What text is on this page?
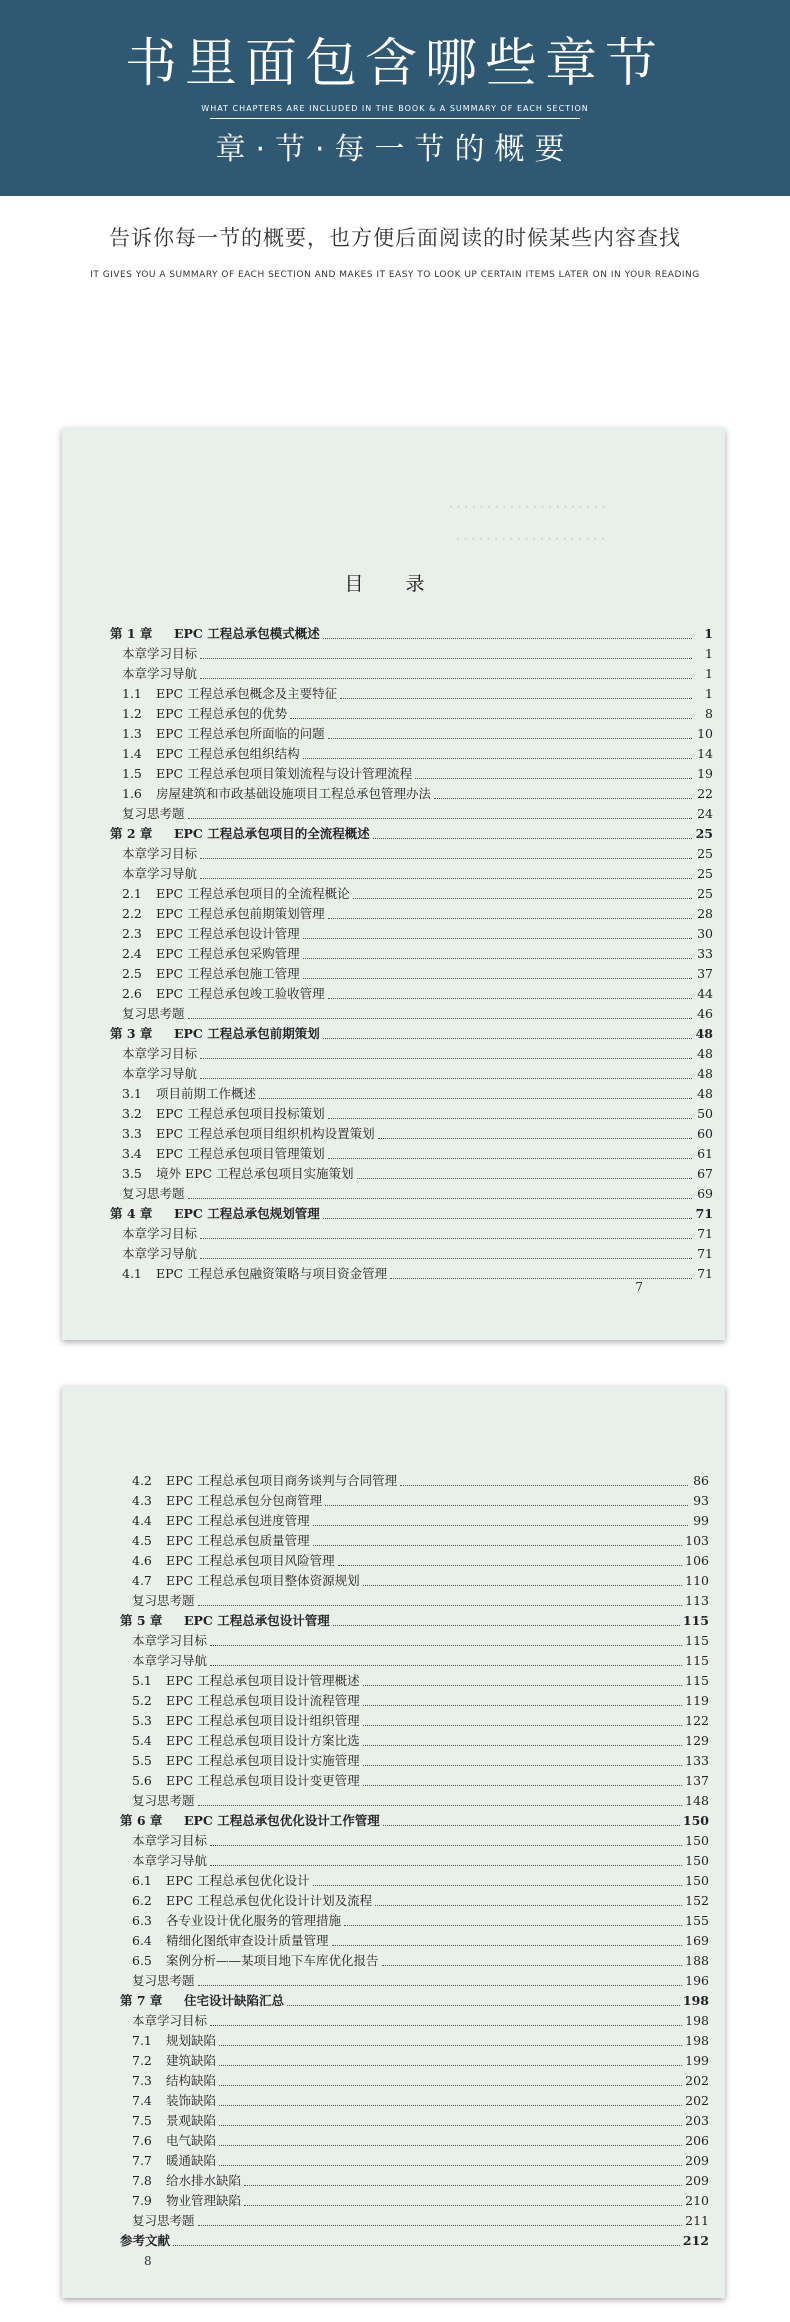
书里面包含哪些章节
WHAT CHAPTERS ARE INCLUDED IN THE BOOK & A SUMMARY OF EACH SECTION
章·节·每一节的概要
告诉你每一节的概要，也方便后面阅读的时候某些内容查找
IT GIVES YOU A SUMMARY OF EACH SECTION AND MAKES IT EASY TO LOOK UP CERTAIN ITEMS LATER ON IN YOUR READING
· · · · · · · · · · · · · · · · · · · · ·
· · · · · · · · · · · · · · · · · · · ·
目 录
第 1 章	EPC 工程总承包模式概述	1
本章学习目标	1
本章学习导航	1
1.1	EPC 工程总承包概念及主要特征	1
1.2	EPC 工程总承包的优势	8
1.3	EPC 工程总承包所面临的问题	10
1.4	EPC 工程总承包组织结构	14
1.5	EPC 工程总承包项目策划流程与设计管理流程	19
1.6	房屋建筑和市政基础设施项目工程总承包管理办法	22
复习思考题	24
第 2 章	EPC 工程总承包项目的全流程概述	25
本章学习目标	25
本章学习导航	25
2.1	EPC 工程总承包项目的全流程概论	25
2.2	EPC 工程总承包前期策划管理	28
2.3	EPC 工程总承包设计管理	30
2.4	EPC 工程总承包采购管理	33
2.5	EPC 工程总承包施工管理	37
2.6	EPC 工程总承包竣工验收管理	44
复习思考题	46
第 3 章	EPC 工程总承包前期策划	48
本章学习目标	48
本章学习导航	48
3.1	项目前期工作概述	48
3.2	EPC 工程总承包项目投标策划	50
3.3	EPC 工程总承包项目组织机构设置策划	60
3.4	EPC 工程总承包项目管理策划	61
3.5	境外 EPC 工程总承包项目实施策划	67
复习思考题	69
第 4 章	EPC 工程总承包规划管理	71
本章学习目标	71
本章学习导航	71
4.1	EPC 工程总承包融资策略与项目资金管理	71
7
4.2	EPC 工程总承包项目商务谈判与合同管理	86
4.3	EPC 工程总承包分包商管理	93
4.4	EPC 工程总承包进度管理	99
4.5	EPC 工程总承包质量管理	103
4.6	EPC 工程总承包项目风险管理	106
4.7	EPC 工程总承包项目整体资源规划	110
复习思考题	113
第 5 章	EPC 工程总承包设计管理	115
本章学习目标	115
本章学习导航	115
5.1	EPC 工程总承包项目设计管理概述	115
5.2	EPC 工程总承包项目设计流程管理	119
5.3	EPC 工程总承包项目设计组织管理	122
5.4	EPC 工程总承包项目设计方案比选	129
5.5	EPC 工程总承包项目设计实施管理	133
5.6	EPC 工程总承包项目设计变更管理	137
复习思考题	148
第 6 章	EPC 工程总承包优化设计工作管理	150
本章学习目标	150
本章学习导航	150
6.1	EPC 工程总承包优化设计	150
6.2	EPC 工程总承包优化设计计划及流程	152
6.3	各专业设计优化服务的管理措施	155
6.4	精细化图纸审查设计质量管理	169
6.5	案例分析——某项目地下车库优化报告	188
复习思考题	196
第 7 章	住宅设计缺陷汇总	198
本章学习目标	198
7.1	规划缺陷	198
7.2	建筑缺陷	199
7.3	结构缺陷	202
7.4	装饰缺陷	202
7.5	景观缺陷	203
7.6	电气缺陷	206
7.7	暖通缺陷	209
7.8	给水排水缺陷	209
7.9	物业管理缺陷	210
复习思考题	211
参考文献	212
8
